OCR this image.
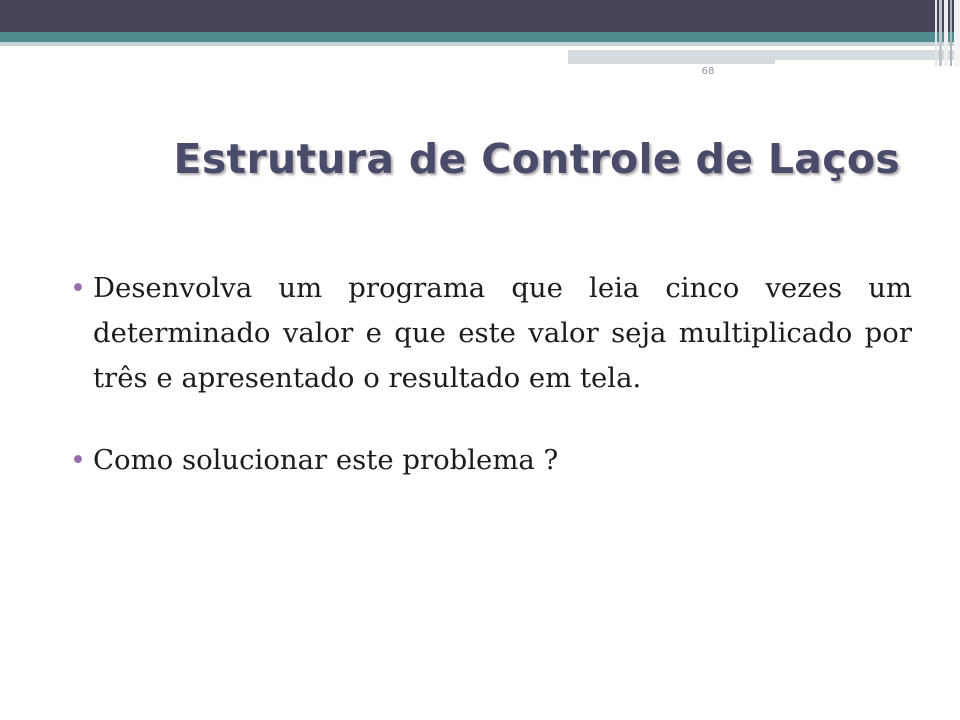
68
Estrutura de Controle de Laços
• Desenvolva um programa que leia cinco vezes um determinado valor e que este valor seja multiplicado por três e apresentado o resultado em tela.
• Como solucionar este problema ?
